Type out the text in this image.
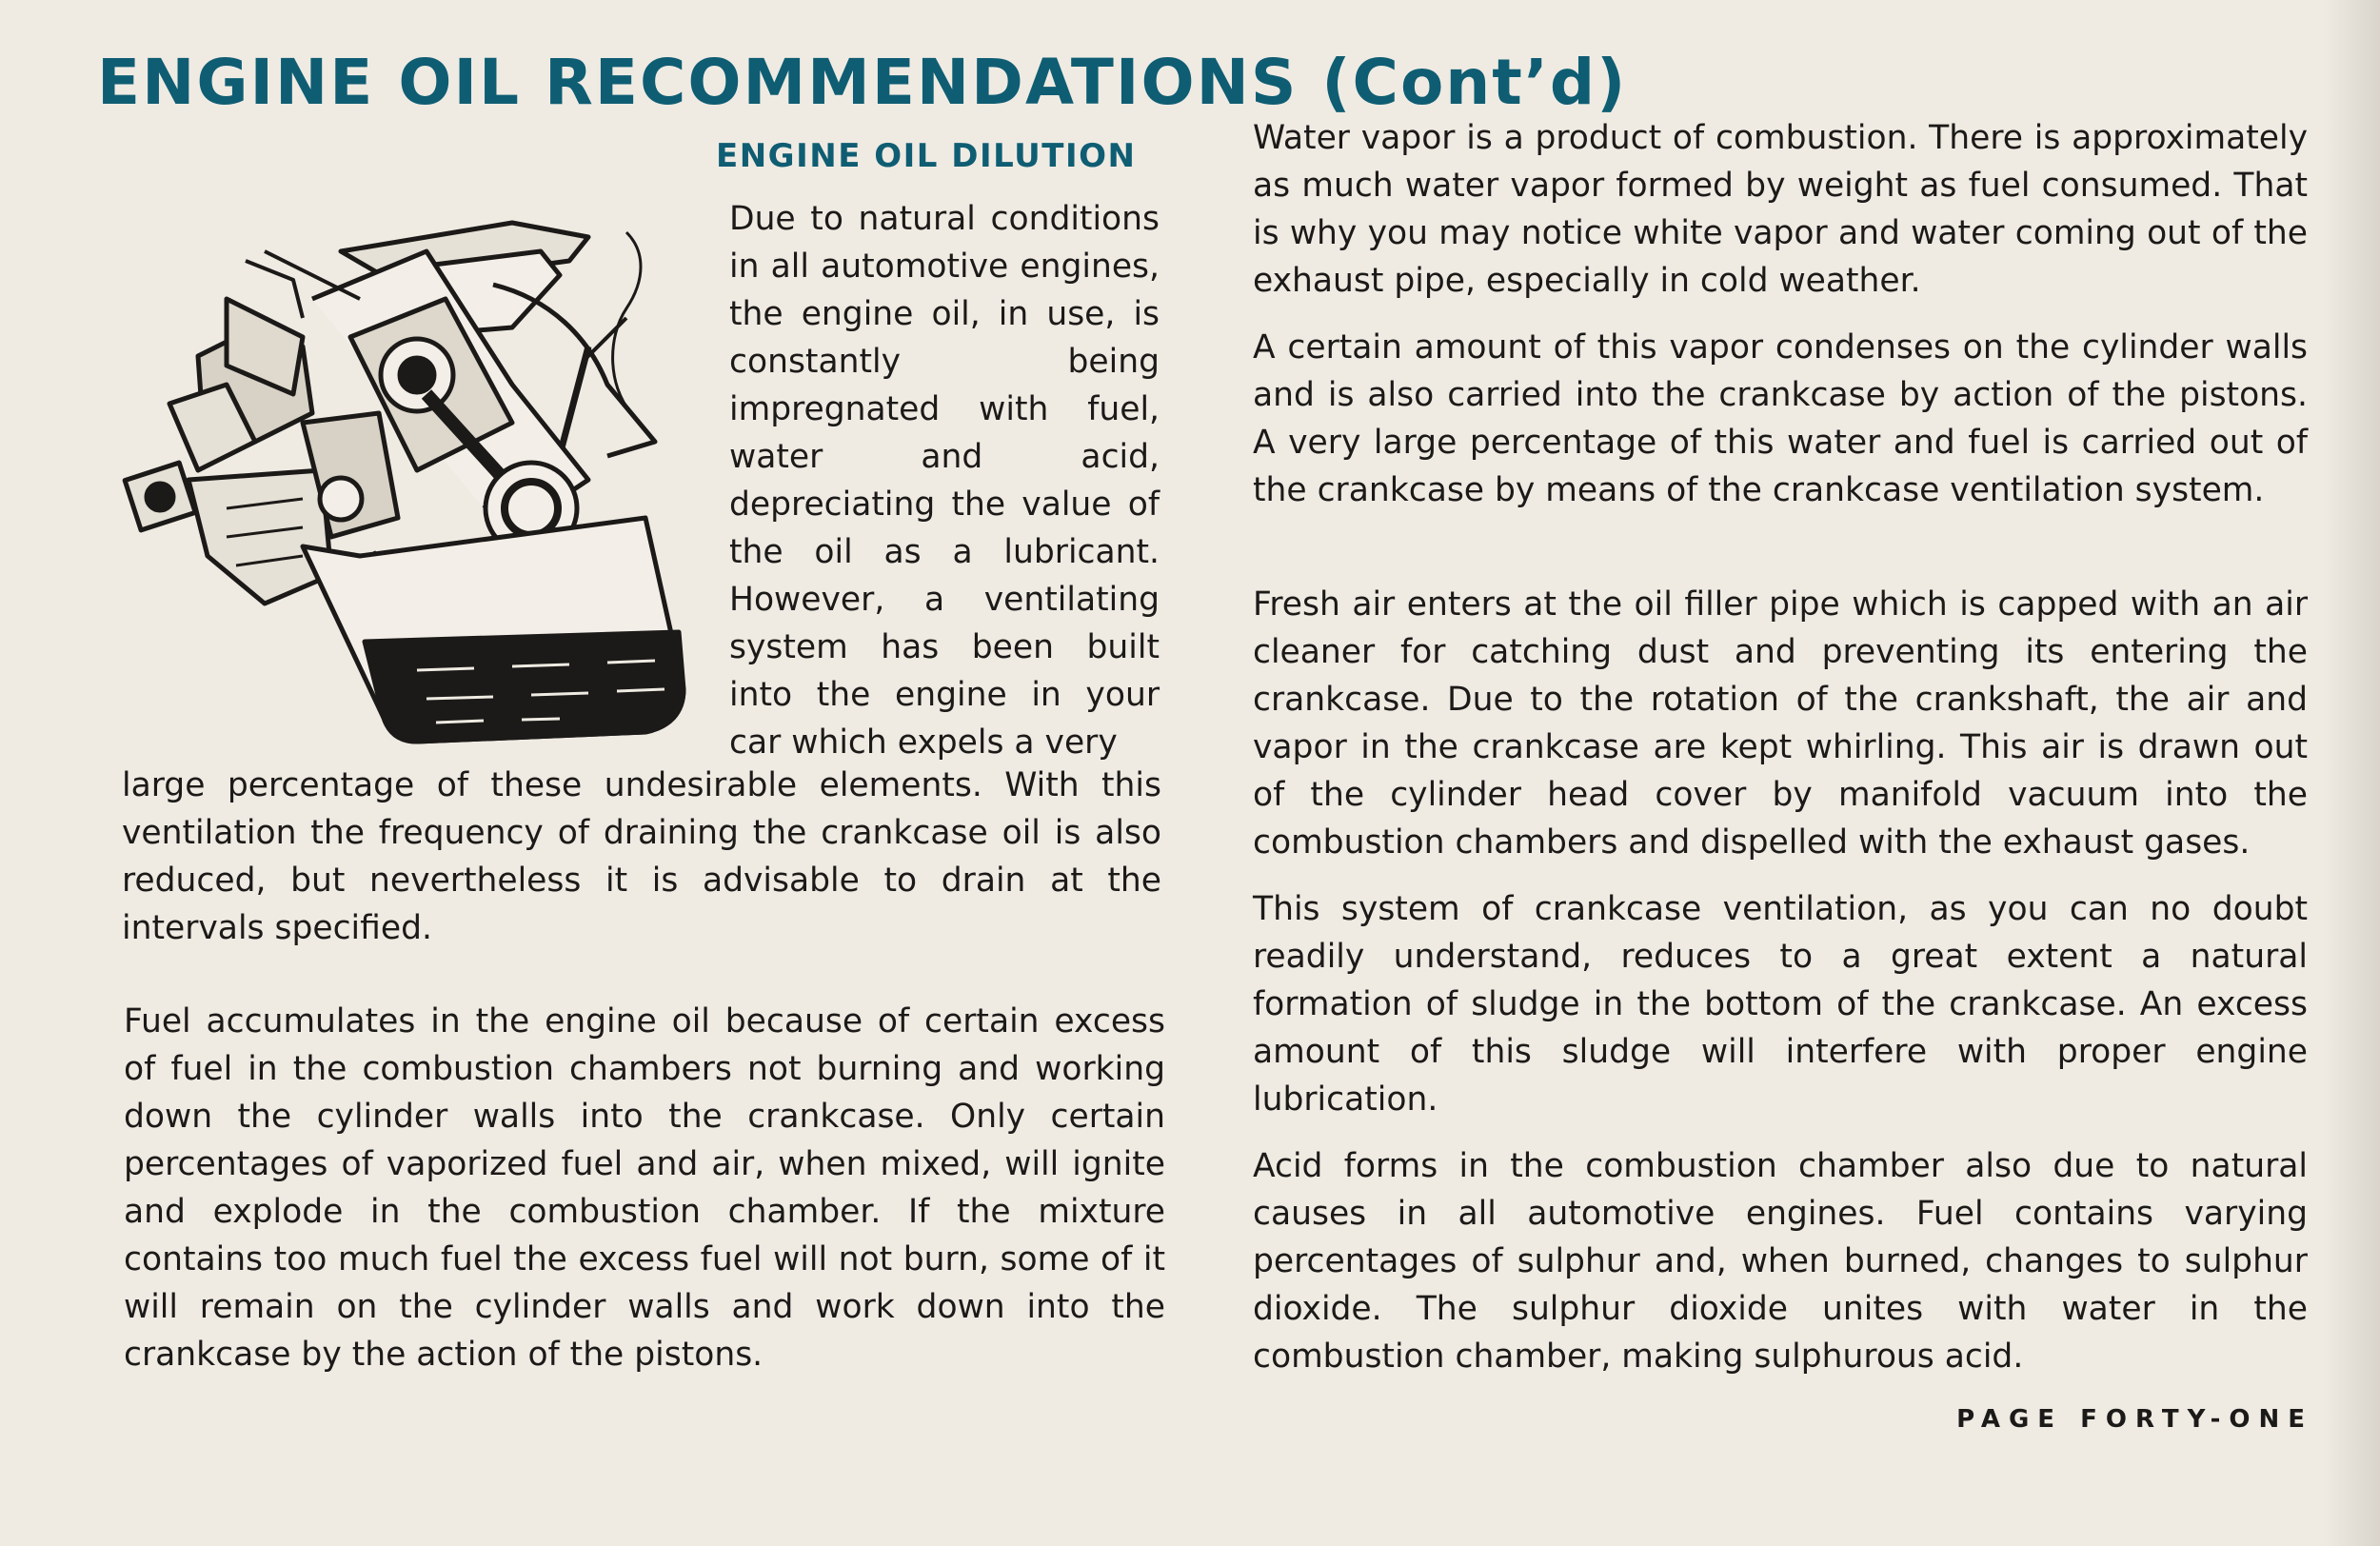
ENGINE OIL RECOMMENDATIONS (Cont’d)
ENGINE OIL DILUTION

Due to natural conditions in all automotive engines, the engine oil, in use, is constantly being impregnated with fuel, water and acid, depreciating the value of the oil as a lubricant. However, a ventilating system has been built into the engine in your car which expels a very

large percentage of these undesirable elements. With this ventilation the frequency of draining the crankcase oil is also reduced, but nevertheless it is advisable to drain at the intervals specified.

Fuel accumulates in the engine oil because of certain excess of fuel in the combustion chambers not burning and working down the cylinder walls into the crankcase. Only certain percentages of vaporized fuel and air, when mixed, will ignite and explode in the combustion chamber. If the mixture contains too much fuel the excess fuel will not burn, some of it will remain on the cylinder walls and work down into the crankcase by the action of the pistons.

Water vapor is a product of combustion. There is approximately as much water vapor formed by weight as fuel consumed. That is why you may notice white vapor and water coming out of the exhaust pipe, especially in cold weather.

A certain amount of this vapor condenses on the cylinder walls and is also carried into the crankcase by action of the pistons. A very large percentage of this water and fuel is carried out of the crankcase by means of the crankcase ventilation system.

Fresh air enters at the oil filler pipe which is capped with an air cleaner for catching dust and preventing its entering the crankcase. Due to the rotation of the crankshaft, the air and vapor in the crankcase are kept whirling. This air is drawn out of the cylinder head cover by manifold vacuum into the combustion chambers and dispelled with the exhaust gases.

This system of crankcase ventilation, as you can no doubt readily understand, reduces to a great extent a natural formation of sludge in the bottom of the crankcase. An excess amount of this sludge will interfere with proper engine lubrication.

Acid forms in the combustion chamber also due to natural causes in all automotive engines. Fuel contains varying percentages of sulphur and, when burned, changes to sulphur dioxide. The sulphur dioxide unites with water in the combustion chamber, making sulphurous acid.

PAGE FORTY-ONE
